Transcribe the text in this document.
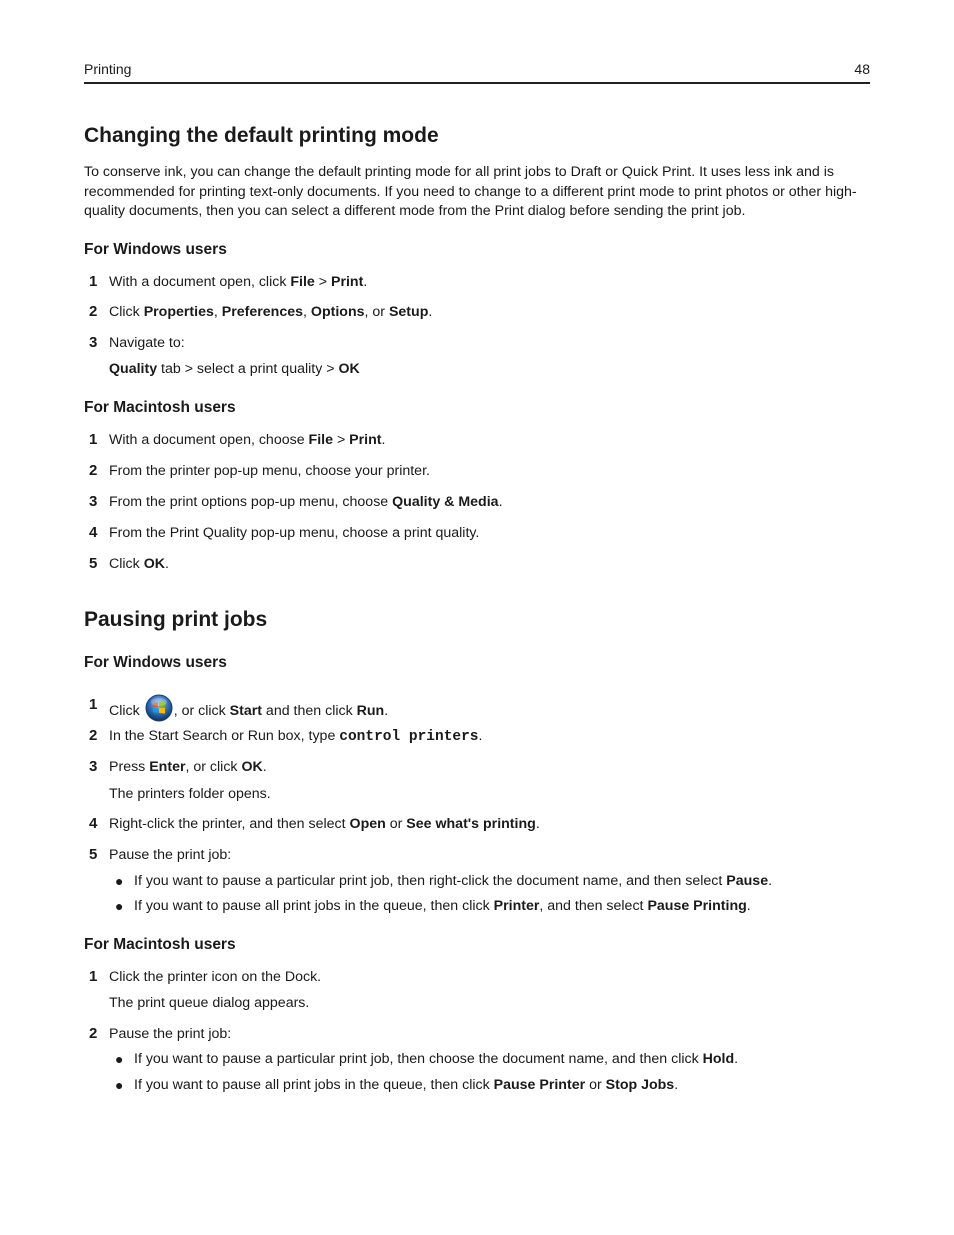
Printing	48
Changing the default printing mode

To conserve ink, you can change the default printing mode for all print jobs to Draft or Quick Print. It uses less ink and is recommended for printing text-only documents. If you need to change to a different print mode to print photos or other high-quality documents, then you can select a different mode from the Print dialog before sending the print job.

For Windows users
1 With a document open, click File > Print.
2 Click Properties, Preferences, Options, or Setup.
3 Navigate to:
Quality tab > select a print quality > OK
For Macintosh users
1 With a document open, choose File > Print.
2 From the printer pop-up menu, choose your printer.
3 From the print options pop-up menu, choose Quality & Media.
4 From the Print Quality pop-up menu, choose a print quality.
5 Click OK.
Pausing print jobs
For Windows users
1 Click , or click Start and then click Run.
2 In the Start Search or Run box, type control printers.
3 Press Enter, or click OK.
The printers folder opens.
4 Right-click the printer, and then select Open or See what's printing.
5 Pause the print job:
● If you want to pause a particular print job, then right-click the document name, and then select Pause.
● If you want to pause all print jobs in the queue, then click Printer, and then select Pause Printing.
For Macintosh users
1 Click the printer icon on the Dock.
The print queue dialog appears.
2 Pause the print job:
● If you want to pause a particular print job, then choose the document name, and then click Hold.
● If you want to pause all print jobs in the queue, then click Pause Printer or Stop Jobs.
